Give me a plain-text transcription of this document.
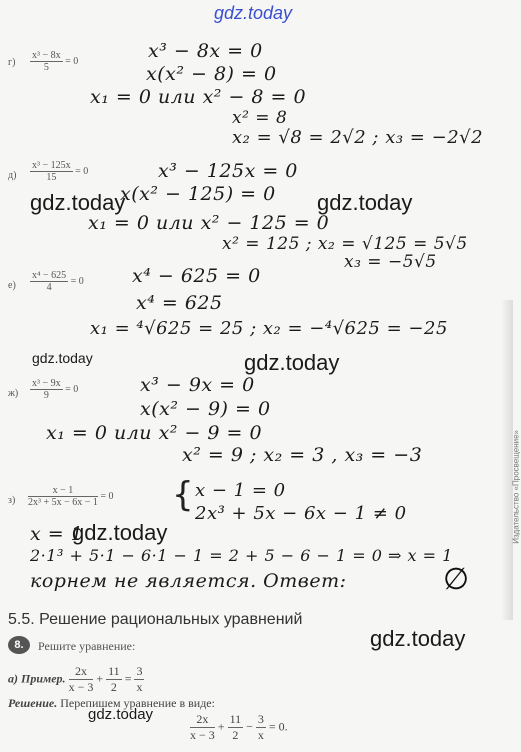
gdz.today
$г) \frac{\text{x³ − 8x}}{5} = 0$	x³ − 8x = 0
x(x² − 8) = 0
x₁ = 0 или x² − 8 = 0
x² = 8
x₂ = √8 = 2√2 ; x₃ = −2√2
$д) \frac{\text{x³ − 125x}}{15} = 0$	x³ − 125x = 0
x(x² − 125) = 0
gdz.today	gdz.today
x₁ = 0 или x² − 125 = 0
x² = 125 ; x₂ = √125 = 5√5
x₃ = −5√5
$е) \frac{\text{x⁴ − 625}}{4} = 0$	x⁴ − 625 = 0
x⁴ = 625
x₁ = ⁴√625 = 25 ; x₂ = −⁴√625 = −25
gdz.today	gdz.today
$ж) \frac{\text{x³ − 9x}}{9} = 0$	x³ − 9x = 0
x(x² − 9) = 0
x₁ = 0 или x² − 9 = 0
x² = 9 ; x₂ = 3 , x₃ = −3
$з) \frac{x - 1}{\text{2x³ + 5x − 6x − 1}} = 0$ { x − 1 = 0
2x³ + 5x − 6x − 1 ≠ 0
x = 1
gdz.today
2·1³ + 5·1 − 6·1 − 1 = 2 + 5 − 6 − 1 = 0 ⇒ x = 1
корнем не является. Ответ:	∅
5.5. Решение рациональных уравнений
gdz.today
8.	Решите уравнение:
а) Пример. $\frac{2x}{x - 3} + \frac{11}{2} = \frac{3}{x}$
Решение. Перепишем уравнение в виде:
gdz.today	$\frac{2x}{x - 3} + \frac{11}{2} - \frac{3}{x} = 0$.
Издательство «Просвещение»
